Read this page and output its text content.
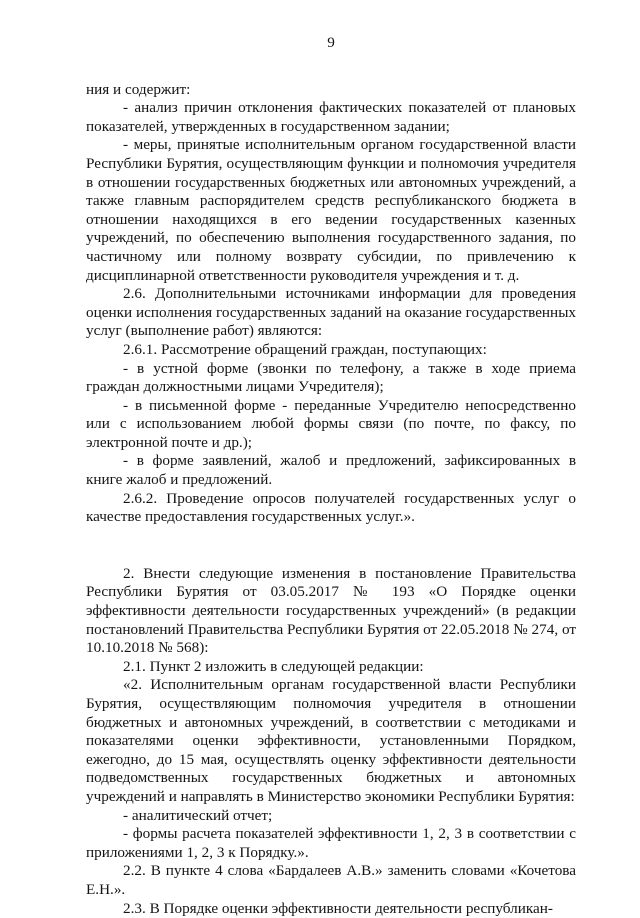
9

ния и содержит:

- анализ причин отклонения фактических показателей от плановых показателей, утвержденных в государственном задании;

- меры, принятые исполнительным органом государственной власти Республики Бурятия, осуществляющим функции и полномочия учредителя в отношении государственных бюджетных или автономных учреждений, а также главным распорядителем средств республиканского бюджета в отношении находящихся в его ведении государственных казенных учреждений, по обеспечению выполнения государственного задания, по частичному или полному возврату субсидии, по привлечению к дисциплинарной ответственности руководителя учреждения и т. д.

2.6. Дополнительными источниками информации для проведения оценки исполнения государственных заданий на оказание государственных услуг (выполнение работ) являются:

2.6.1. Рассмотрение обращений граждан, поступающих:

- в устной форме (звонки по телефону, а также в ходе приема граждан должностными лицами Учредителя);

- в письменной форме - переданные Учредителю непосредственно или с использованием любой формы связи (по почте, по факсу, по электронной почте и др.);

- в форме заявлений, жалоб и предложений, зафиксированных в книге жалоб и предложений.

2.6.2. Проведение опросов получателей государственных услуг о качестве предоставления государственных услуг.».

2. Внести следующие изменения в постановление Правительства Республики Бурятия от 03.05.2017 № 193 «О Порядке оценки эффективности деятельности государственных учреждений» (в редакции постановлений Правительства Республики Бурятия от 22.05.2018 № 274, от 10.10.2018 № 568):

2.1. Пункт 2 изложить в следующей редакции:

«2. Исполнительным органам государственной власти Республики Бурятия, осуществляющим полномочия учредителя в отношении бюджетных и автономных учреждений, в соответствии с методиками и показателями оценки эффективности, установленными Порядком, ежегодно, до 15 мая, осуществлять оценку эффективности деятельности подведомственных государственных бюджетных и автономных учреждений и направлять в Министерство экономики Республики Бурятия:

- аналитический отчет;

- формы расчета показателей эффективности 1, 2, 3 в соответствии с приложениями 1, 2, 3 к Порядку.».

2.2. В пункте 4 слова «Бардалеев А.В.» заменить словами «Кочетова Е.Н.».

2.3. В Порядке оценки эффективности деятельности республикан-
